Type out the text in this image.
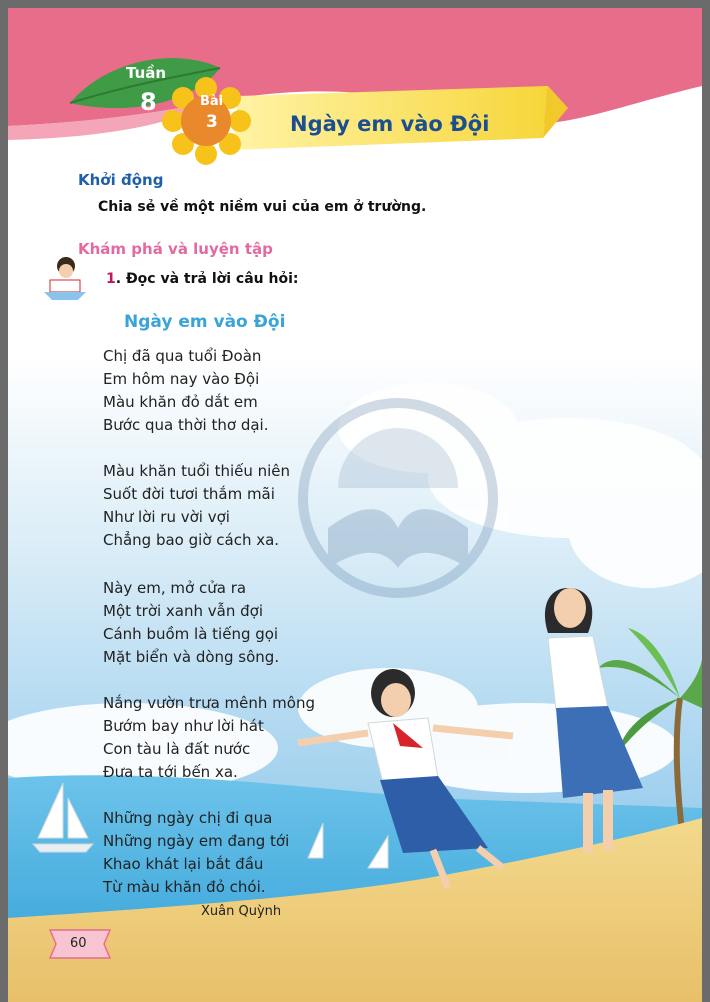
Tuần
8	Bài
3	Ngày em vào Đội
Khởi động
Chia sẻ về một niềm vui của em ở trường.
Khám phá và luyện tập
1. Đọc và trả lời câu hỏi:
Ngày em vào Đội
Chị đã qua tuổi Đoàn
Em hôm nay vào Đội
Màu khăn đỏ dắt em
Bước qua thời thơ dại.
Màu khăn tuổi thiếu niên
Suốt đời tươi thắm mãi
Như lời ru vời vợi
Chẳng bao giờ cách xa.
Này em, mở cửa ra
Một trời xanh vẫn đợi
Cánh buồm là tiếng gọi
Mặt biển và dòng sông.
Nắng vườn trưa mênh mông
Bướm bay như lời hát
Con tàu là đất nước
Đưa ta tới bến xa.
Những ngày chị đi qua
Những ngày em đang tới
Khao khát lại bắt đầu
Từ màu khăn đỏ chói.
Xuân Quỳnh
60
